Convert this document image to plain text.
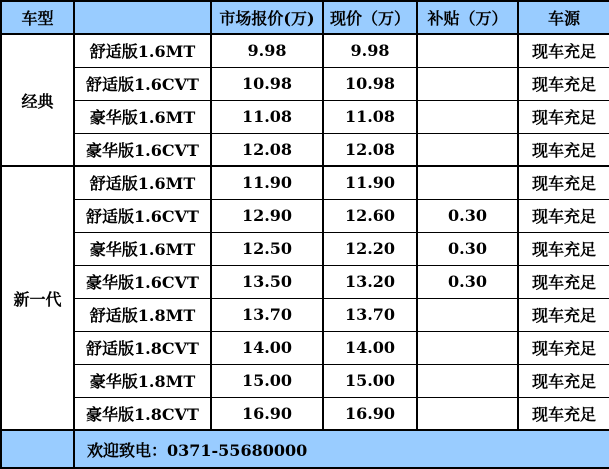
车型		市场报价(万)	现价（万）	补贴（万）	车源
经典	舒适版1.6MT	9.98	9.98		现车充足
	舒适版1.6CVT	10.98	10.98		现车充足
	豪华版1.6MT	11.08	11.08		现车充足
	豪华版1.6CVT	12.08	12.08		现车充足
新一代	舒适版1.6MT	11.90	11.90		现车充足
	舒适版1.6CVT	12.90	12.60	0.30	现车充足
	豪华版1.6MT	12.50	12.20	0.30	现车充足
	豪华版1.6CVT	13.50	13.20	0.30	现车充足
	舒适版1.8MT	13.70	13.70		现车充足
	舒适版1.8CVT	14.00	14.00		现车充足
	豪华版1.8MT	15.00	15.00		现车充足
	豪华版1.8CVT	16.90	16.90		现车充足
	欢迎致电：0371-55680000				
